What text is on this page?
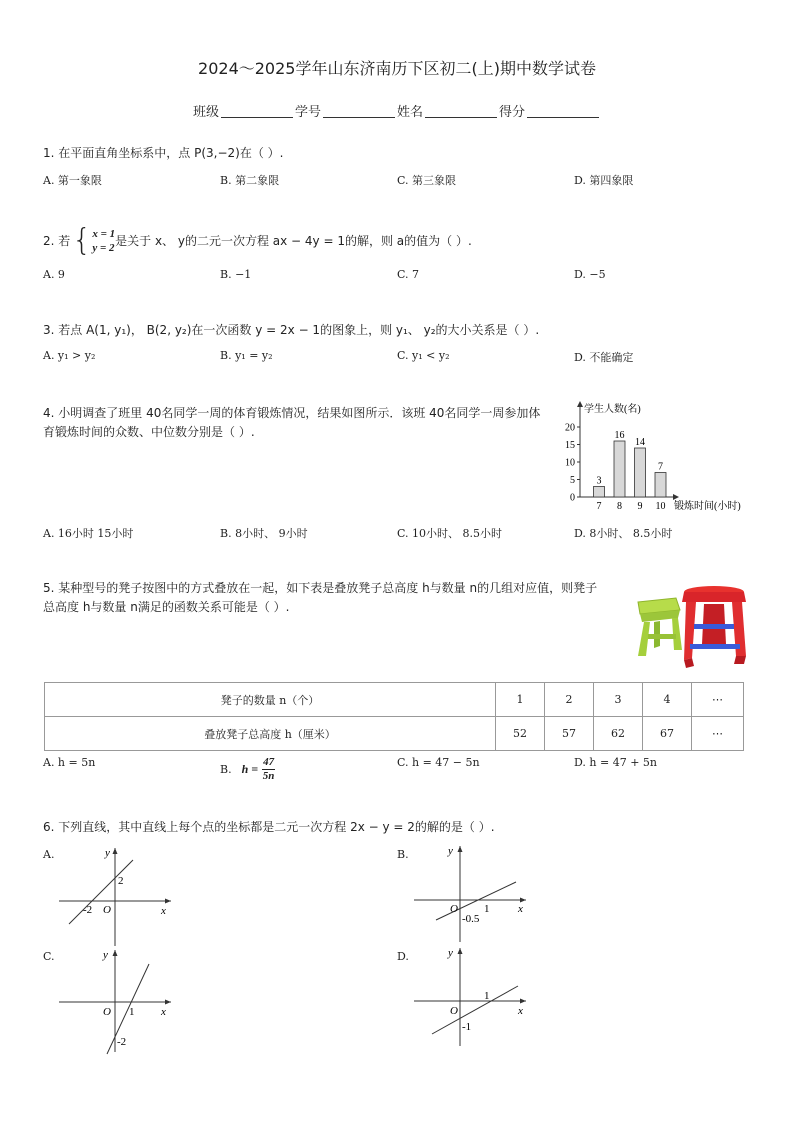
2024～2025学年山东济南历下区初二(上)期中数学试卷
班级	学号	姓名	得分
1. 在平面直角坐标系中，点 P(3,−2)在（ ）.
A. 第一象限	B. 第二象限	C. 第三象限	D. 第四象限
2. 若 { x = 1
y = 2
是关于 x、 y的二元一次方程 ax − 4y = 1的解，则 a的值为（ ）.
A. 9	B. −1	C. 7	D. −5
3. 若点 A(1, y₁)， B(2, y₂)在一次函数 y = 2x − 1的图象上，则 y₁、 y₂的大小关系是（ ）.
A. y₁ > y₂	B. y₁ = y₂	C. y₁ < y₂	D. 不能确定
4. 小明调查了班里 40名同学一周的体育锻炼情况，结果如图所示．该班 40名同学一周参加体
育锻炼时间的众数、中位数分别是（ ）.
学生人数(名)
锻炼时间(小时)
0
5
10
15
20
3
7
16
8
14
9
7
10
A. 16小时 15小时	B. 8小时、 9小时	C. 10小时、 8.5小时	D. 8小时、 8.5小时
5. 某种型号的凳子按图中的方式叠放在一起，如下表是叠放凳子总高度 h与数量 n的几组对应值，则凳子
总高度 h与数量 n满足的函数关系可能是（ ）.
凳子的数量 n（个）	1	2	3	4	⋯
叠放凳子总高度 h（厘米）	52	57	62	67	⋯
A. h = 5n
B. $h = \frac{47}{5n}$	C. h = 47 − 5n	D. h = 47 + 5n
6. 下列直线，其中直线上每个点的坐标都是二元一次方程 2x − y = 2的解的是（ ）.
A.	y
x
O
2
-2
B.	y
x
O 1
-0.5
C.	y
x
O 1
-2
D.	y
x
O
1
-1
